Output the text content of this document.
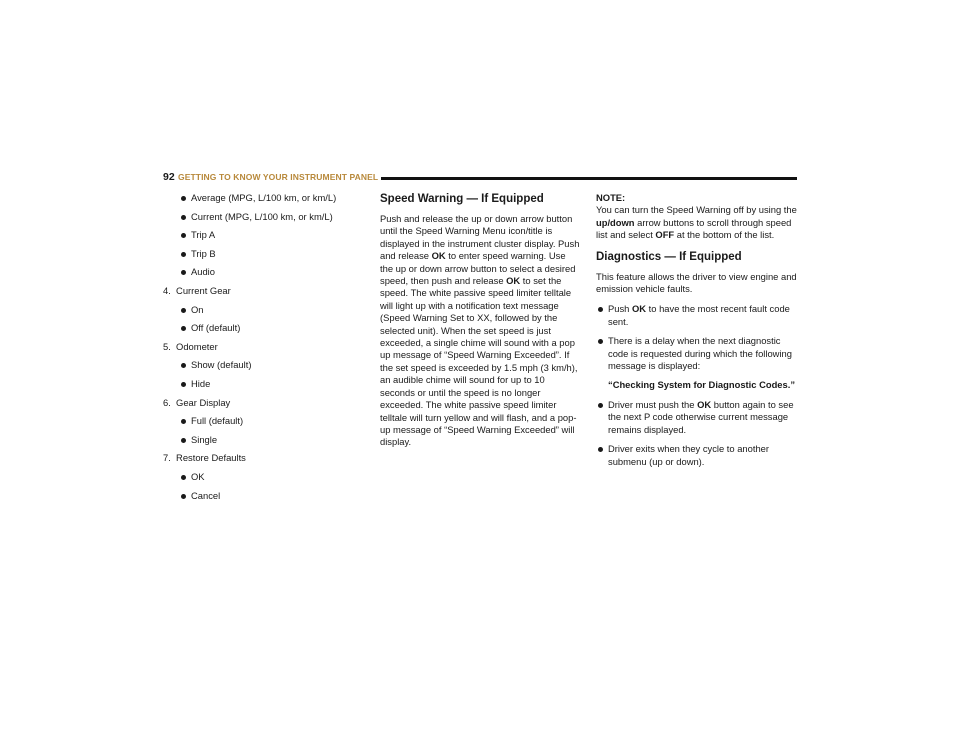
92 GETTING TO KNOW YOUR INSTRUMENT PANEL
Average (MPG, L/100 km, or km/L)
Current (MPG, L/100 km, or km/L)
Trip A
Trip B
Audio
4. Current Gear
On
Off (default)
5. Odometer
Show (default)
Hide
6. Gear Display
Full (default)
Single
7. Restore Defaults
OK
Cancel
Speed Warning — If Equipped
Push and release the up or down arrow button until the Speed Warning Menu icon/title is displayed in the instrument cluster display. Push and release OK to enter speed warning. Use the up or down arrow button to select a desired speed, then push and release OK to set the speed. The white passive speed limiter telltale will light up with a notification text message (Speed Warning Set to XX, followed by the selected unit). When the set speed is just exceeded, a single chime will sound with a pop up message of “Speed Warning Exceeded”. If the set speed is exceeded by 1.5 mph (3 km/h), an audible chime will sound for up to 10 seconds or until the speed is no longer exceeded. The white passive speed limiter telltale will turn yellow and will flash, and a pop-up message of “Speed Warning Exceeded” will display.
NOTE:
You can turn the Speed Warning off by using the up/down arrow buttons to scroll through speed list and select OFF at the bottom of the list.
Diagnostics — If Equipped
This feature allows the driver to view engine and emission vehicle faults.
Push OK to have the most recent fault code sent.
There is a delay when the next diagnostic code is requested during which the following message is displayed:
“Checking System for Diagnostic Codes.”
Driver must push the OK button again to see the next P code otherwise current message remains displayed.
Driver exits when they cycle to another submenu (up or down).
